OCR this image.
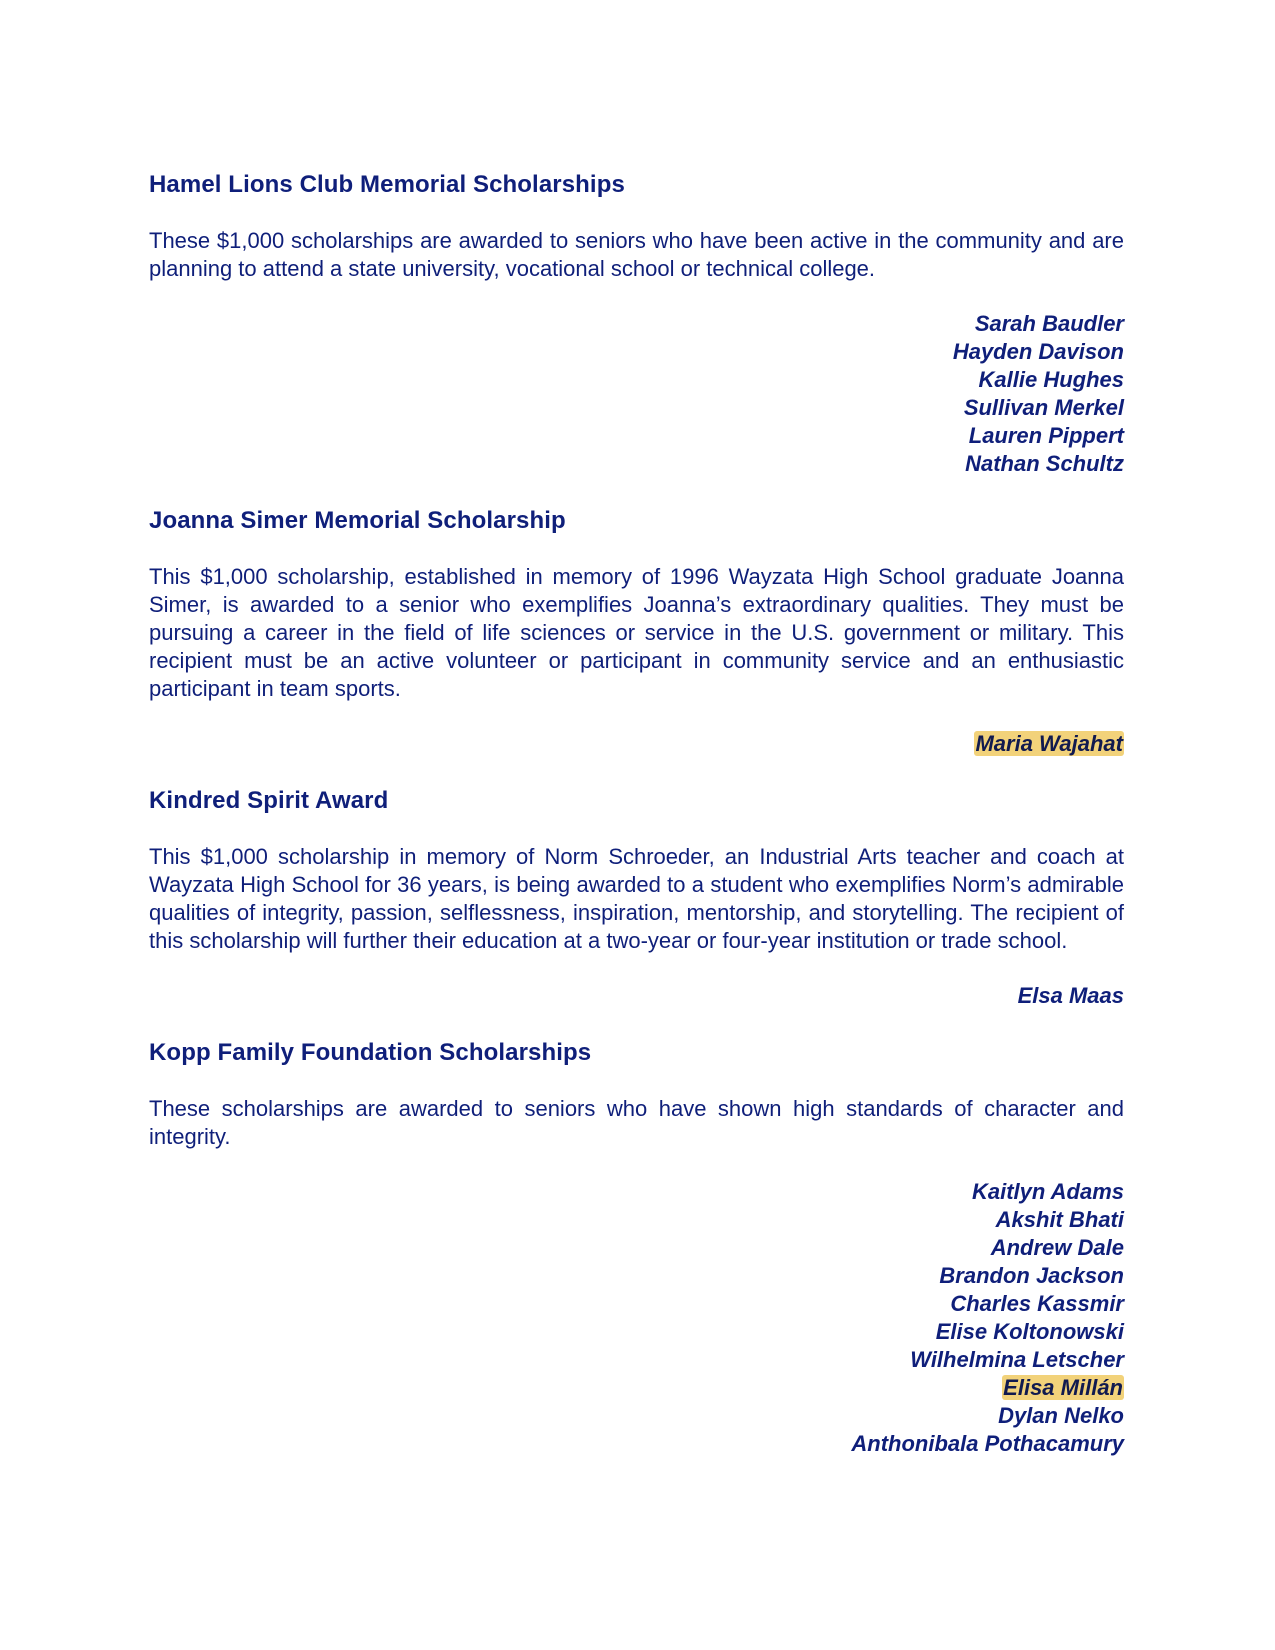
Hamel Lions Club Memorial Scholarships

These $1,000 scholarships are awarded to seniors who have been active in the community and are planning to attend a state university, vocational school or technical college.

Sarah Baudler
Hayden Davison
Kallie Hughes
Sullivan Merkel
Lauren Pippert
Nathan Schultz
Joanna Simer Memorial Scholarship

This $1,000 scholarship, established in memory of 1996 Wayzata High School graduate Joanna Simer, is awarded to a senior who exemplifies Joanna’s extraordinary qualities. They must be pursuing a career in the field of life sciences or service in the U.S. government or military. This recipient must be an active volunteer or participant in community service and an enthusiastic participant in team sports.

Maria Wajahat
Kindred Spirit Award

This $1,000 scholarship in memory of Norm Schroeder, an Industrial Arts teacher and coach at Wayzata High School for 36 years, is being awarded to a student who exemplifies Norm’s admirable qualities of integrity, passion, selflessness, inspiration, mentorship, and storytelling. The recipient of this scholarship will further their education at a two-year or four-year institution or trade school.

Elsa Maas
Kopp Family Foundation Scholarships

These scholarships are awarded to seniors who have shown high standards of character and integrity.

Kaitlyn Adams
Akshit Bhati
Andrew Dale
Brandon Jackson
Charles Kassmir
Elise Koltonowski
Wilhelmina Letscher
Elisa Millán
Dylan Nelko
Anthonibala Pothacamury
